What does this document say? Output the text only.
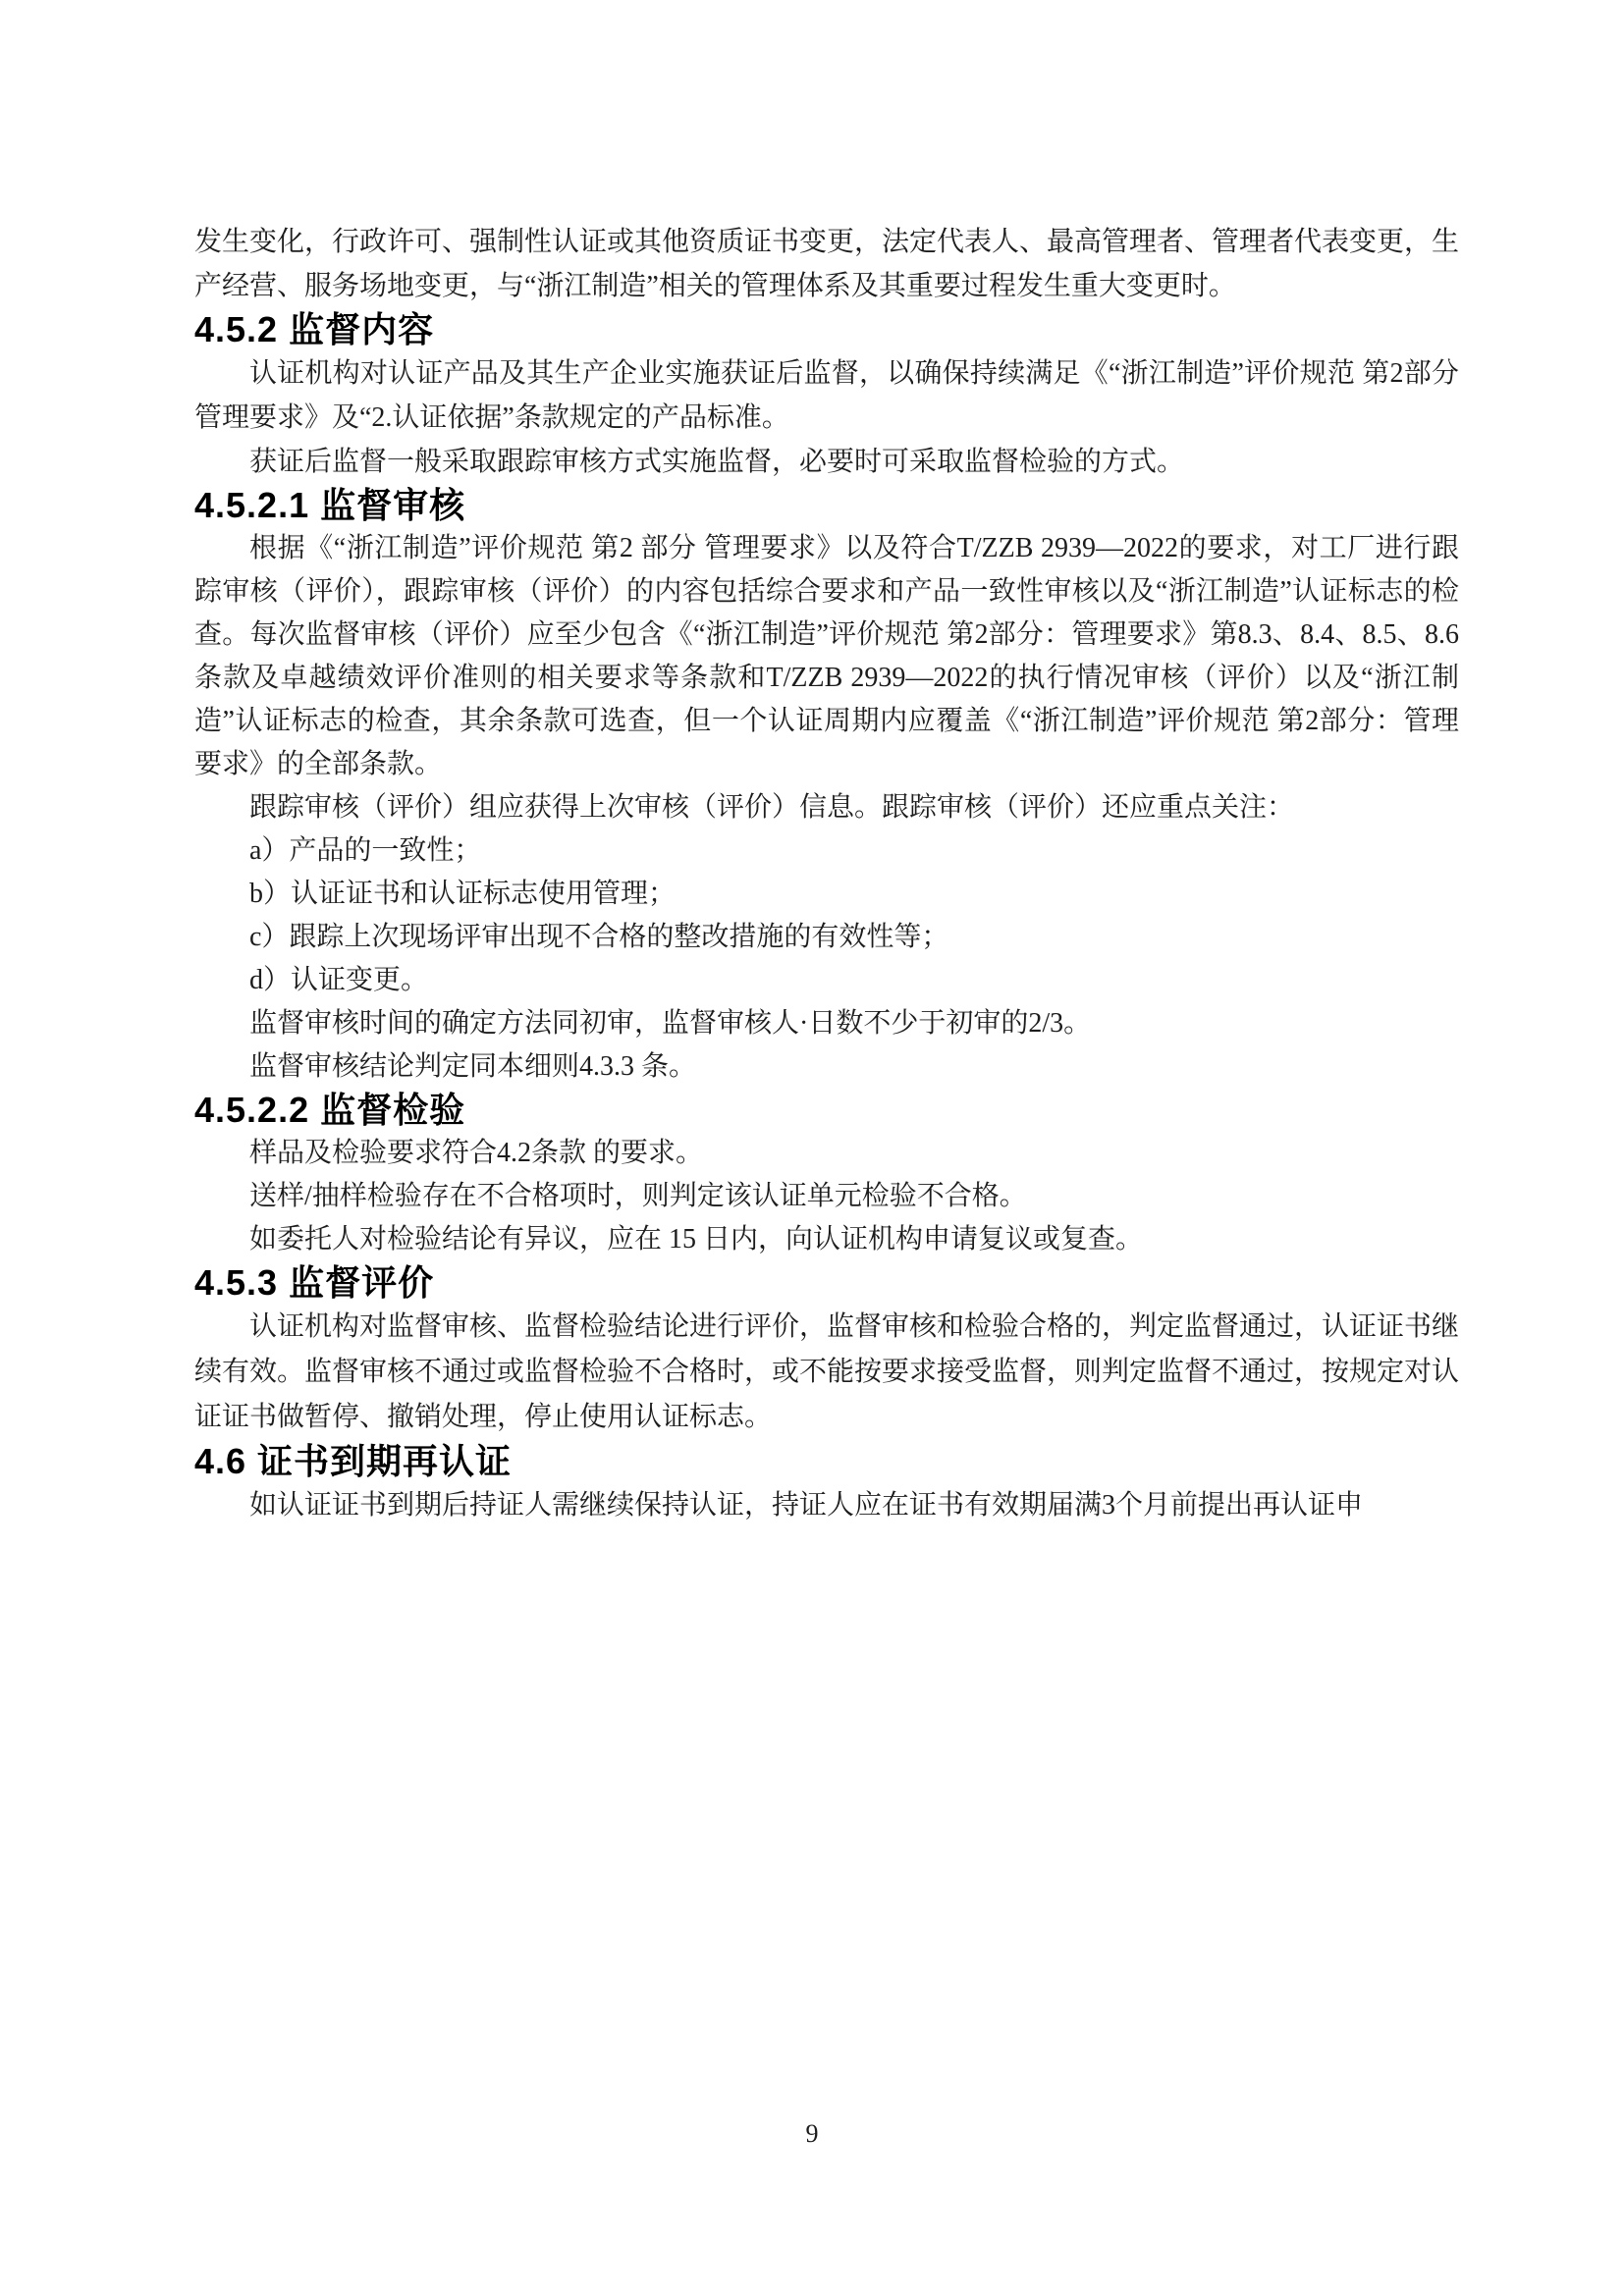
发生变化，行政许可、强制性认证或其他资质证书变更，法定代表人、最高管理者、管理者代表变更，生产经营、服务场地变更，与“浙江制造”相关的管理体系及其重要过程发生重大变更时。

4.5.2 监督内容

认证机构对认证产品及其生产企业实施获证后监督，以确保持续满足《“浙江制造”评价规范 第2部分 管理要求》及“2.认证依据”条款规定的产品标准。

获证后监督一般采取跟踪审核方式实施监督，必要时可采取监督检验的方式。

4.5.2.1 监督审核

根据《“浙江制造”评价规范 第2 部分 管理要求》以及符合T/ZZB 2939—2022的要求，对工厂进行跟踪审核（评价），跟踪审核（评价）的内容包括综合要求和产品一致性审核以及“浙江制造”认证标志的检查。每次监督审核（评价）应至少包含《“浙江制造”评价规范 第2部分：管理要求》第8.3、8.4、8.5、8.6条款及卓越绩效评价准则的相关要求等条款和T/ZZB 2939—2022的执行情况审核（评价）以及“浙江制造”认证标志的检查，其余条款可选查，但一个认证周期内应覆盖《“浙江制造”评价规范 第2部分：管理要求》的全部条款。

跟踪审核（评价）组应获得上次审核（评价）信息。跟踪审核（评价）还应重点关注：

a）产品的一致性；

b）认证证书和认证标志使用管理；

c）跟踪上次现场评审出现不合格的整改措施的有效性等；

d）认证变更。

监督审核时间的确定方法同初审，监督审核人·日数不少于初审的2/3。

监督审核结论判定同本细则4.3.3 条。

4.5.2.2 监督检验

样品及检验要求符合4.2条款 的要求。

送样/抽样检验存在不合格项时，则判定该认证单元检验不合格。

如委托人对检验结论有异议，应在 15 日内，向认证机构申请复议或复查。

4.5.3 监督评价

认证机构对监督审核、监督检验结论进行评价，监督审核和检验合格的，判定监督通过，认证证书继续有效。监督审核不通过或监督检验不合格时，或不能按要求接受监督，则判定监督不通过，按规定对认证证书做暂停、撤销处理，停止使用认证标志。

4.6 证书到期再认证

如认证证书到期后持证人需继续保持认证，持证人应在证书有效期届满3个月前提出再认证申

9
